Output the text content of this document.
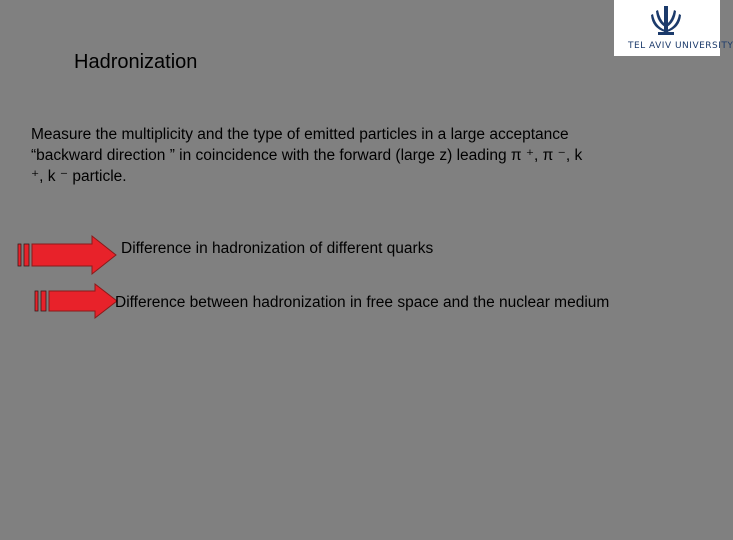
TEL AVIV UNIVERSITY
Hadronization
Measure the multiplicity and the type of emitted particles in a large acceptance “backward direction ” in coincidence with the forward (large z) leading π ⁺, π ⁻, k ⁺, k ⁻ particle.
Difference in hadronization of different quarks
Difference between hadronization in free space and the nuclear medium
